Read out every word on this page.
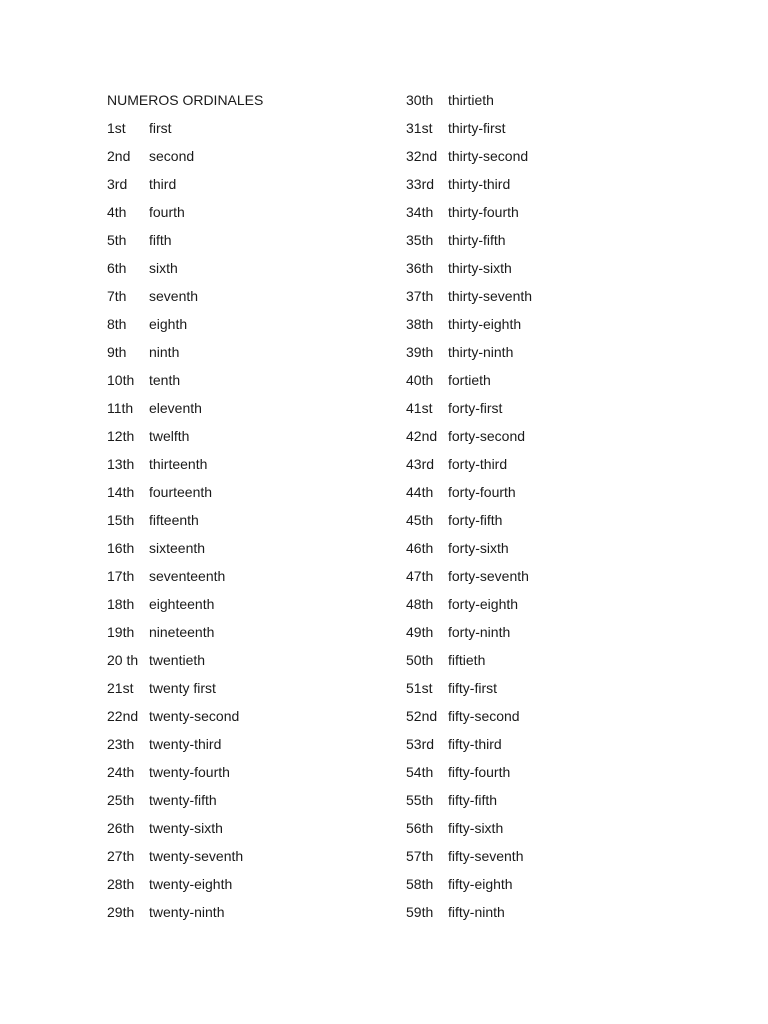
NUMEROS ORDINALES
1st first
2nd second
3rd third
4th fourth
5th fifth
6th sixth
7th seventh
8th eighth
9th ninth
10th tenth
11th eleventh
12th twelfth
13th thirteenth
14th fourteenth
15th fifteenth
16th sixteenth
17th seventeenth
18th eighteenth
19th nineteenth
20 th twentieth
21st twenty first
22nd twenty-second
23th twenty-third
24th twenty-fourth
25th twenty-fifth
26th twenty-sixth
27th twenty-seventh
28th twenty-eighth
29th twenty-ninth
30th thirtieth
31st thirty-first
32nd thirty-second
33rd thirty-third
34th thirty-fourth
35th thirty-fifth
36th thirty-sixth
37th thirty-seventh
38th thirty-eighth
39th thirty-ninth
40th fortieth
41st forty-first
42nd forty-second
43rd forty-third
44th forty-fourth
45th forty-fifth
46th forty-sixth
47th forty-seventh
48th forty-eighth
49th forty-ninth
50th fiftieth
51st fifty-first
52nd fifty-second
53rd fifty-third
54th fifty-fourth
55th fifty-fifth
56th fifty-sixth
57th fifty-seventh
58th fifty-eighth
59th fifty-ninth
